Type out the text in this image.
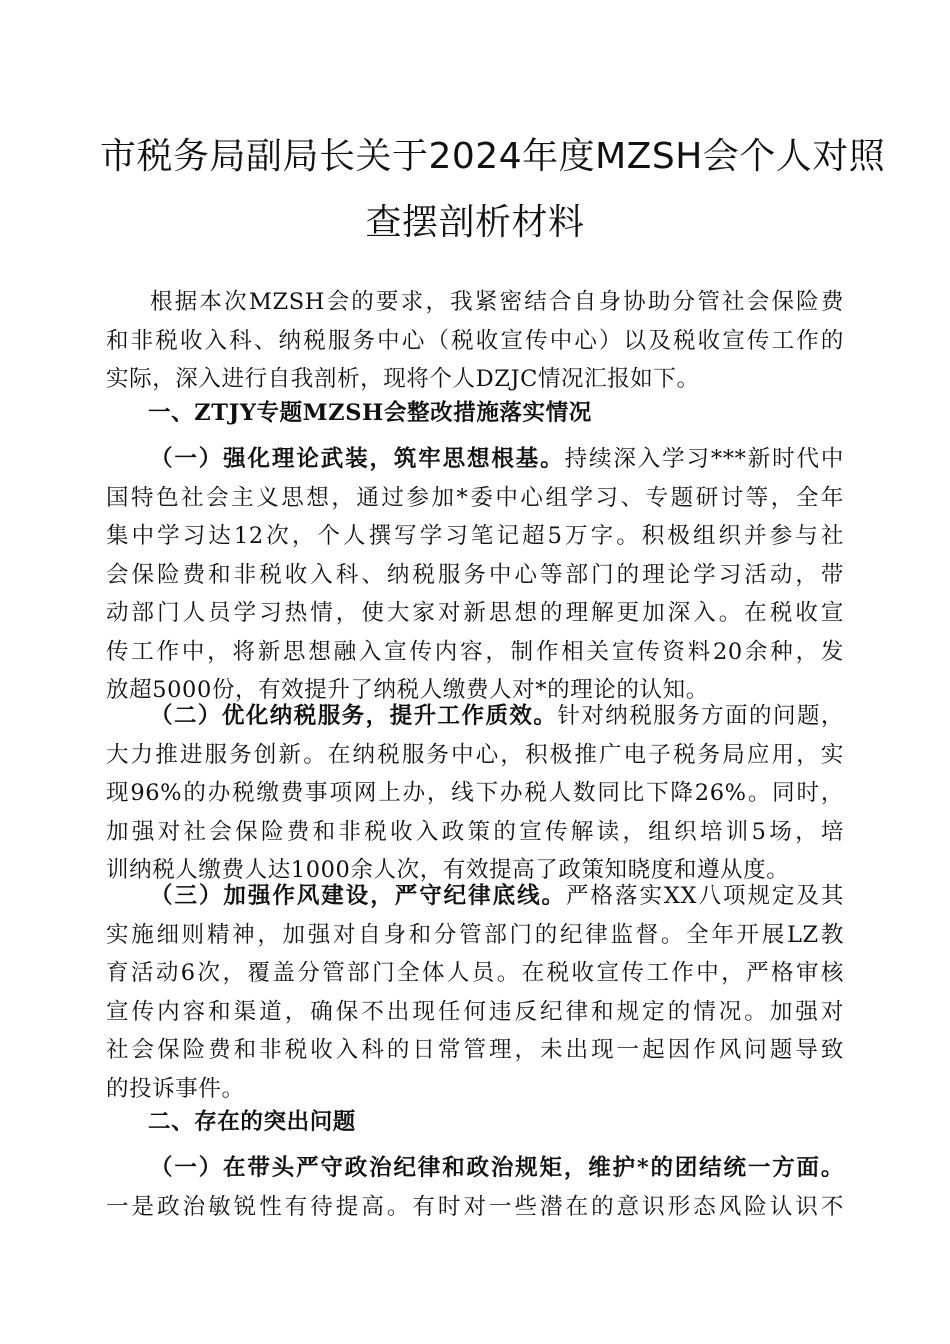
市税务局副局长关于2024年度MZSH会个人对照
查摆剖析材料
根据本次MZSH会的要求，我紧密结合自身协助分管社会保险费
和非税收入科、纳税服务中心（税收宣传中心）以及税收宣传工作的
实际，深入进行自我剖析，现将个人DZJC情况汇报如下。
一、ZTJY专题MZSH会整改措施落实情况
（一）强化理论武装，筑牢思想根基。持续深入学习***新时代中
国特色社会主义思想，通过参加*委中心组学习、专题研讨等，全年
集中学习达12次，个人撰写学习笔记超5万字。积极组织并参与社
会保险费和非税收入科、纳税服务中心等部门的理论学习活动，带
动部门人员学习热情，使大家对新思想的理解更加深入。在税收宣
传工作中，将新思想融入宣传内容，制作相关宣传资料20余种，发
放超5000份，有效提升了纳税人缴费人对*的理论的认知。
（二）优化纳税服务，提升工作质效。针对纳税服务方面的问题，
大力推进服务创新。在纳税服务中心，积极推广电子税务局应用，实
现96%的办税缴费事项网上办，线下办税人数同比下降26%。同时，
加强对社会保险费和非税收入政策的宣传解读，组织培训5场，培
训纳税人缴费人达1000余人次，有效提高了政策知晓度和遵从度。
（三）加强作风建设，严守纪律底线。严格落实XX八项规定及其
实施细则精神，加强对自身和分管部门的纪律监督。全年开展LZ教
育活动6次，覆盖分管部门全体人员。在税收宣传工作中，严格审核
宣传内容和渠道，确保不出现任何违反纪律和规定的情况。加强对
社会保险费和非税收入科的日常管理，未出现一起因作风问题导致
的投诉事件。
二、存在的突出问题
（一）在带头严守政治纪律和政治规矩，维护*的团结统一方面。
一是政治敏锐性有待提高。有时对一些潜在的意识形态风险认识不
